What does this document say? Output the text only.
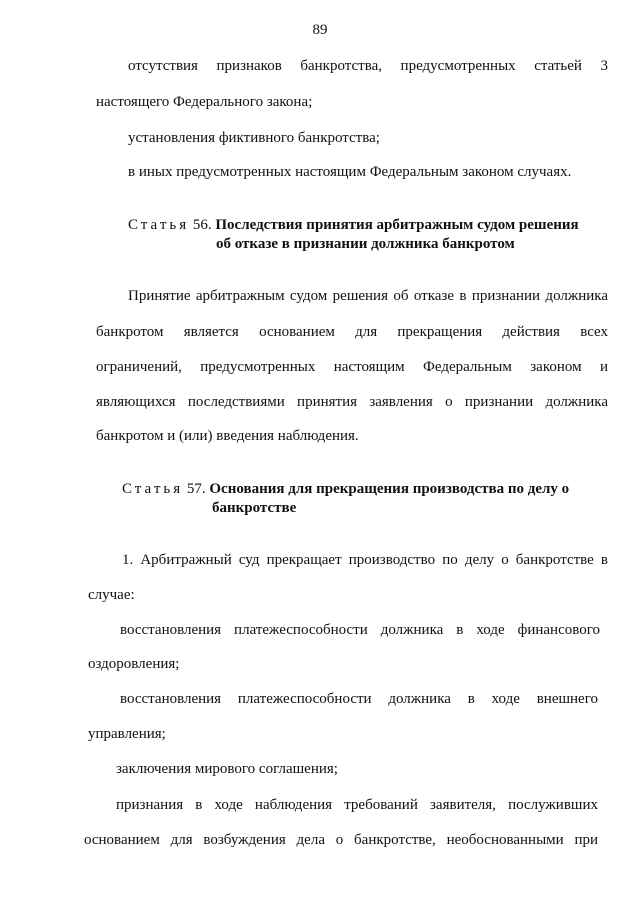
89
отсутствия признаков банкротства, предусмотренных статьей 3
настоящего Федерального закона;
установления фиктивного банкротства;
в иных предусмотренных настоящим Федеральным законом случаях.
Статья 56. Последствия принятия арбитражным судом решения
об отказе в признании должника банкротом
Принятие арбитражным судом решения об отказе в признании должника
банкротом является основанием для прекращения действия всех
ограничений, предусмотренных настоящим Федеральным законом и
являющихся последствиями принятия заявления о признании должника
банкротом и (или) введения наблюдения.
Статья 57. Основания для прекращения производства по делу о
банкротстве
1. Арбитражный суд прекращает производство по делу о банкротстве в
случае:
восстановления платежеспособности должника в ходе финансового
оздоровления;
восстановления платежеспособности должника в ходе внешнего
управления;
заключения мирового соглашения;
признания в ходе наблюдения требований заявителя, послуживших
основанием для возбуждения дела о банкротстве, необоснованными при
